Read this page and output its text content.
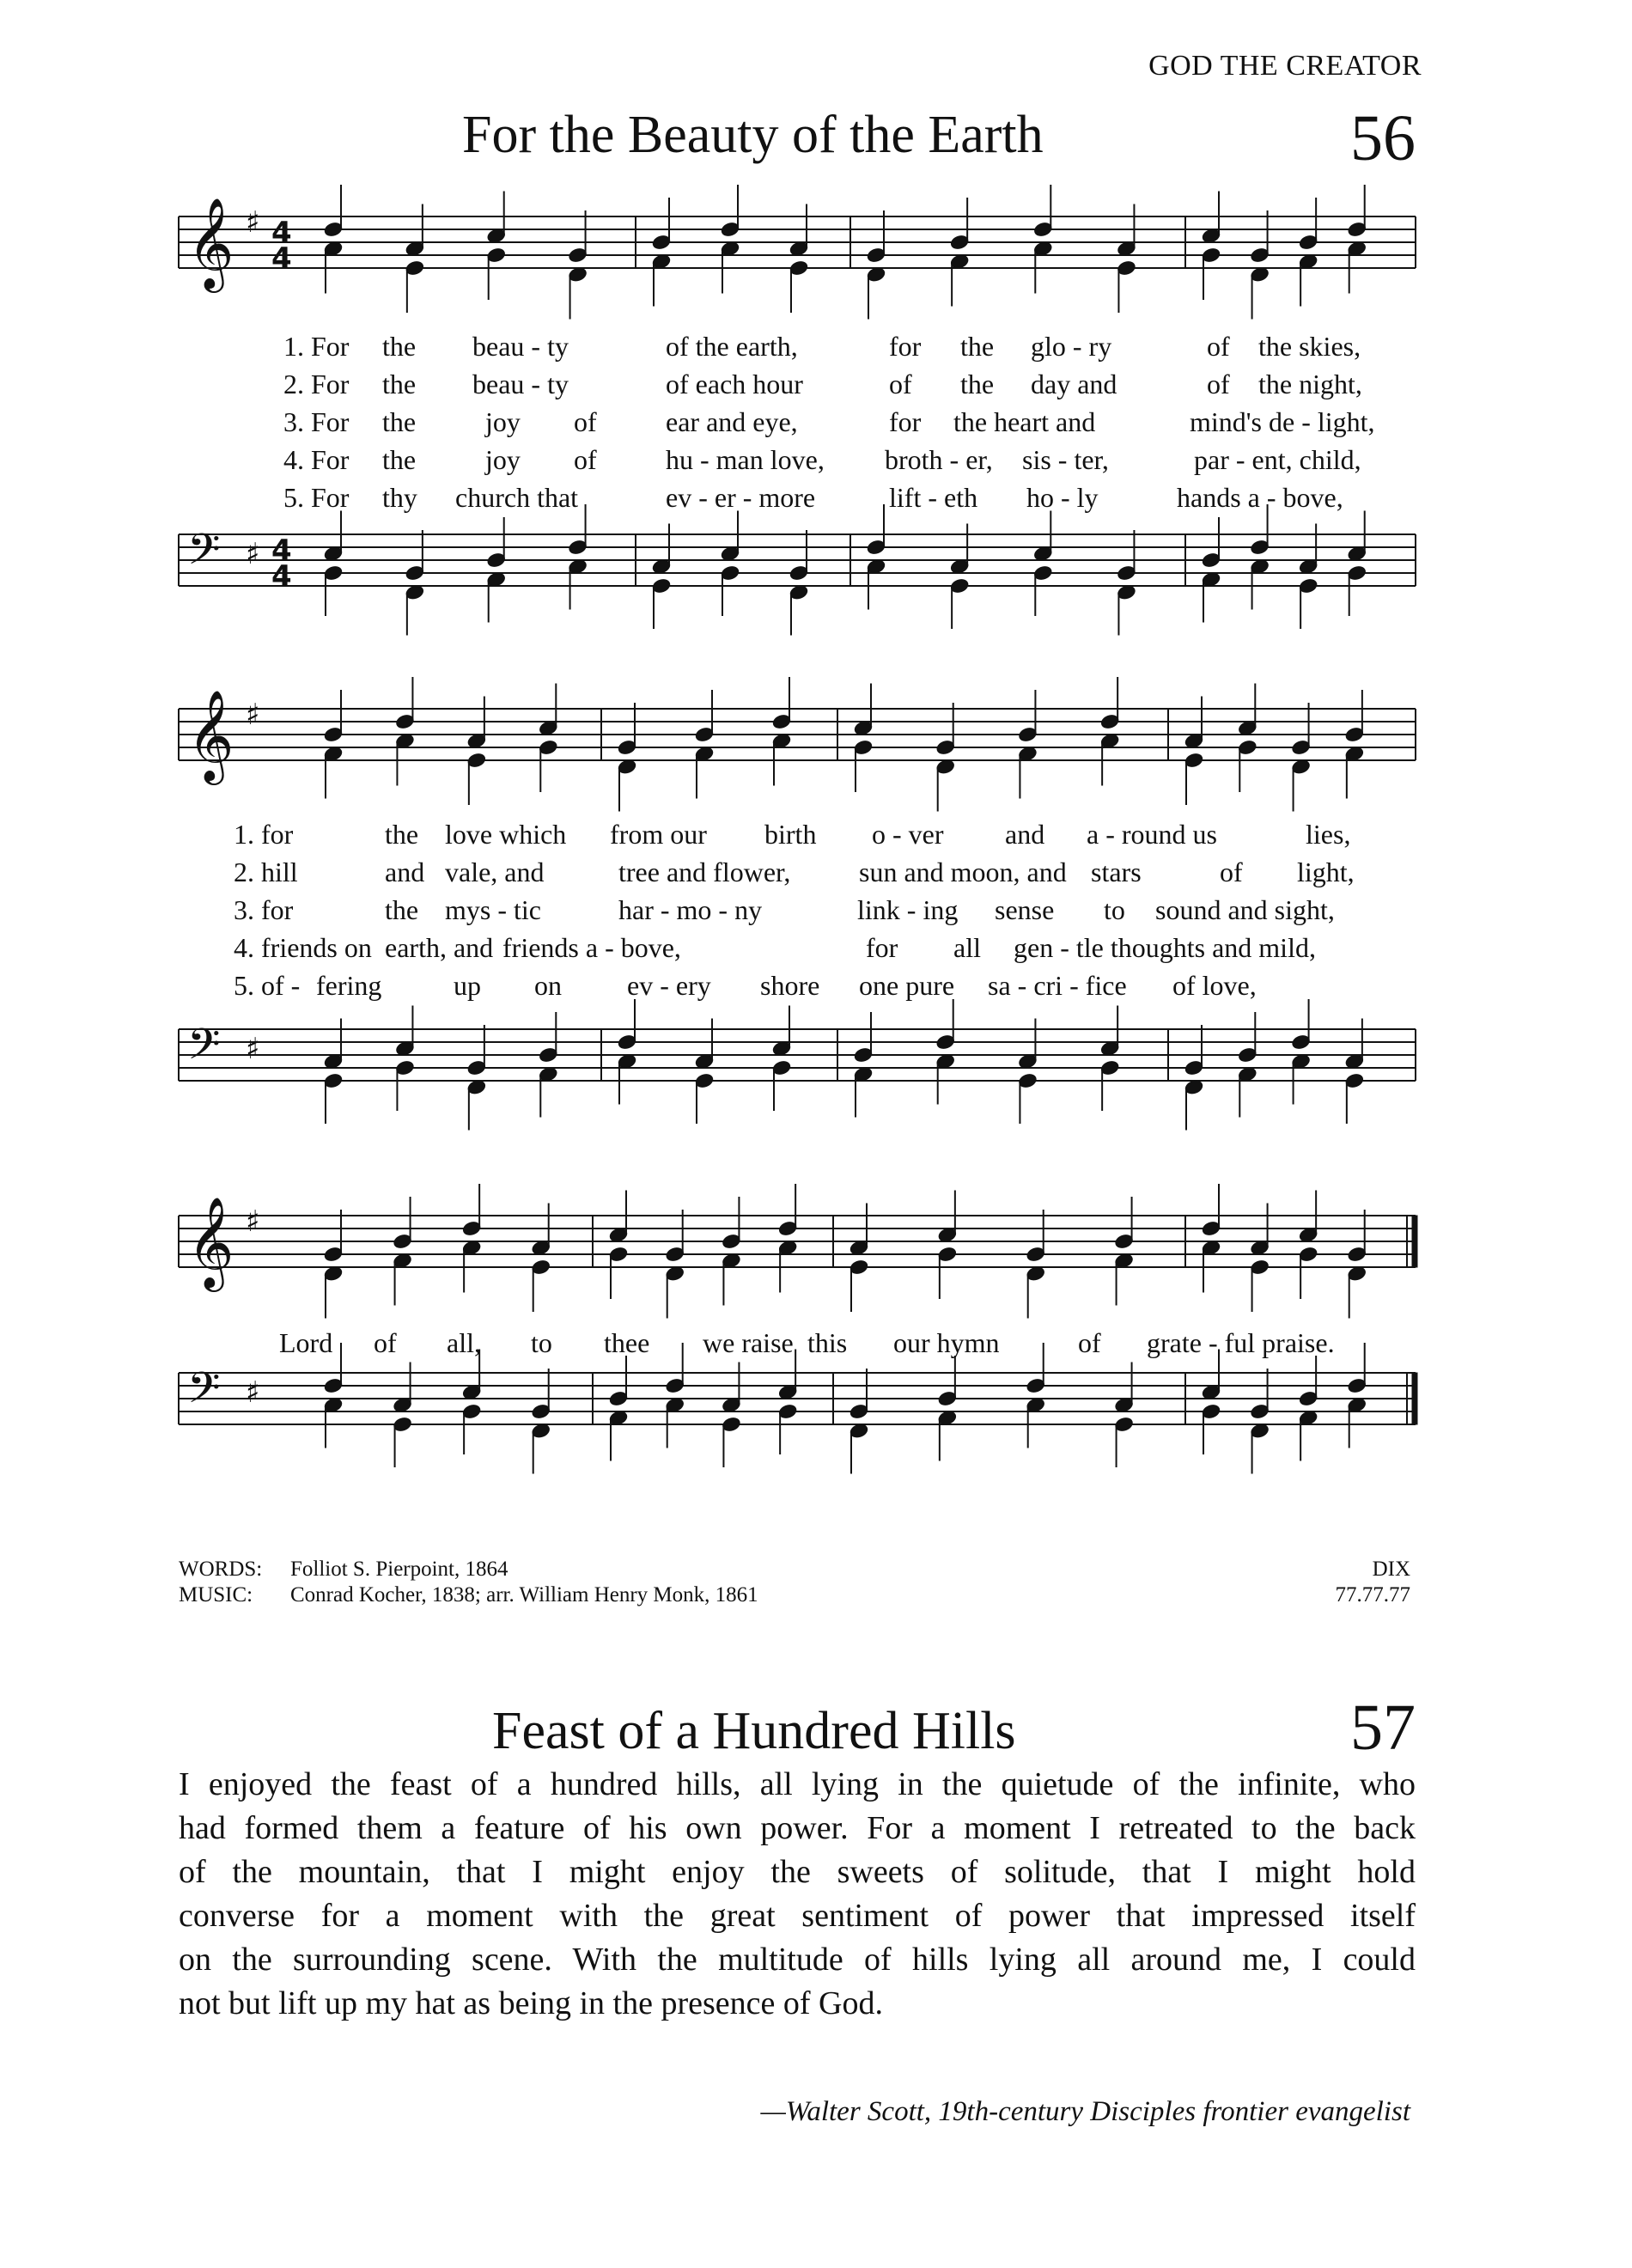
GOD THE CREATOR
For the Beauty of the Earth	56
𝄞 ♯ 4
4
𝄢 ♯ 4
4
𝄞 ♯
𝄢 ♯
𝄞 ♯
𝄢 ♯
1. For the beau - ty	of the earth,	for the glo - ry	of the skies,
2. For the beau - ty	of each hour	of the day and	of the night,
3. For the	joy of	ear and eye,	for the heart and	mind's de - light,
4. For the	joy of	hu - man love, broth - er, sis - ter,	par - ent, child,
5. For thy church that	ev - er - more	lift - eth ho - ly	hands a - bove,
1. for	the love which from our birth o - ver and a - round us	lies,
2. hill	and vale, and	tree and flower, sun and moon, and stars	of light,
3. for	the mys - tic	har - mo - ny	link - ing sense to sound and sight,
4. friends on earth, and friends a - bove,	for all gen - tle thoughts and mild,
5. of - fering	up on ev - ery shore one pure sa - cri - fice of love,
Lord of all, to thee we raise this our hymn	of grate - ful praise.
WORDS:	Folliot S. Pierpoint, 1864
MUSIC:	Conrad Kocher, 1838; arr. William Henry Monk, 1861
DIX
77.77.77
Feast of a Hundred Hills	57
I enjoyed the feast of a hundred hills, all lying in the quietude of the infinite, who
had formed them a feature of his own power. For a moment I retreated to the back
of the mountain, that I might enjoy the sweets of solitude, that I might hold
converse for a moment with the great sentiment of power that impressed itself
on the surrounding scene. With the multitude of hills lying all around me, I could
not but lift up my hat as being in the presence of God.
—Walter Scott, 19th-century Disciples frontier evangelist
